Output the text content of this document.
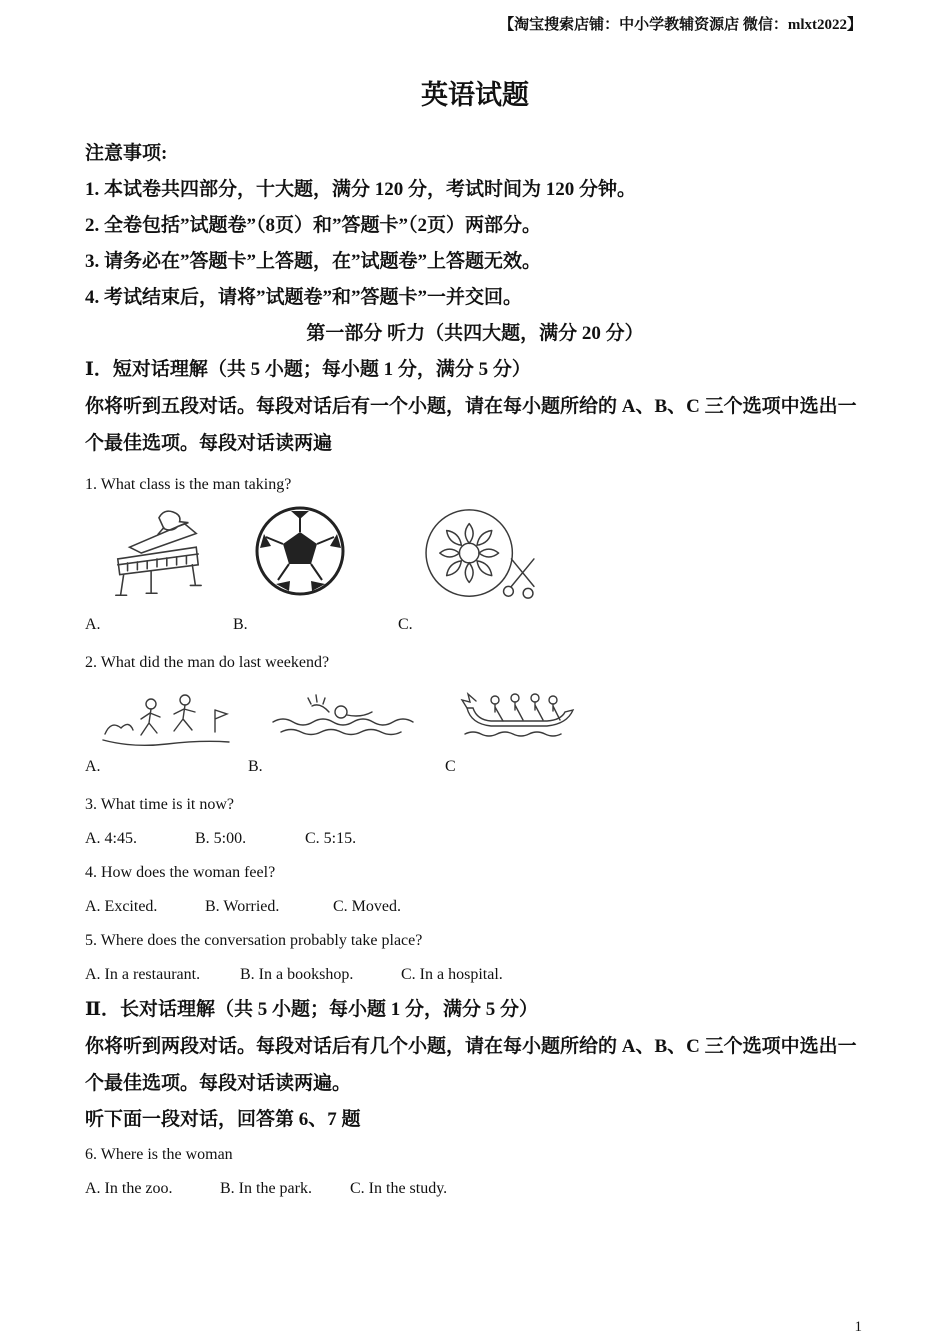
【淘宝搜索店铺：中小学教辅资源店 微信：mlxt2022】
英语试题
注意事项:
1. 本试卷共四部分，十大题，满分 120 分，考试时间为 120 分钟。
2. 全卷包括”试题卷”（8页）和”答题卡”（2页）两部分。
3. 请务必在”答题卡”上答题，在”试题卷”上答题无效。
4. 考试结束后，请将”试题卷”和”答题卡”一并交回。
第一部分 听力（共四大题，满分 20 分）
Ⅰ．短对话理解（共 5 小题；每小题 1 分，满分 5 分）
你将听到五段对话。每段对话后有一个小题，请在每小题所给的 A、B、C 三个选项中选出一个最佳选项。每段对话读两遍
1. What class is the man taking?
A.	B.	C.
2. What did the man do last weekend?
A.	B.	C
3. What time is it now?
A. 4:45.	B. 5:00.	C. 5:15.
4. How does the woman feel?
A. Excited.	B. Worried.	C. Moved.
5. Where does the conversation probably take place?
A. In a restaurant. B. In a bookshop.	C. In a hospital.
Ⅱ．长对话理解（共 5 小题；每小题 1 分，满分 5 分）
你将听到两段对话。每段对话后有几个小题，请在每小题所给的 A、B、C 三个选项中选出一个最佳选项。每段对话读两遍。
听下面一段对话，回答第 6、7 题
6. Where is the woman
A. In the zoo.	B. In the park. C. In the study.
1
